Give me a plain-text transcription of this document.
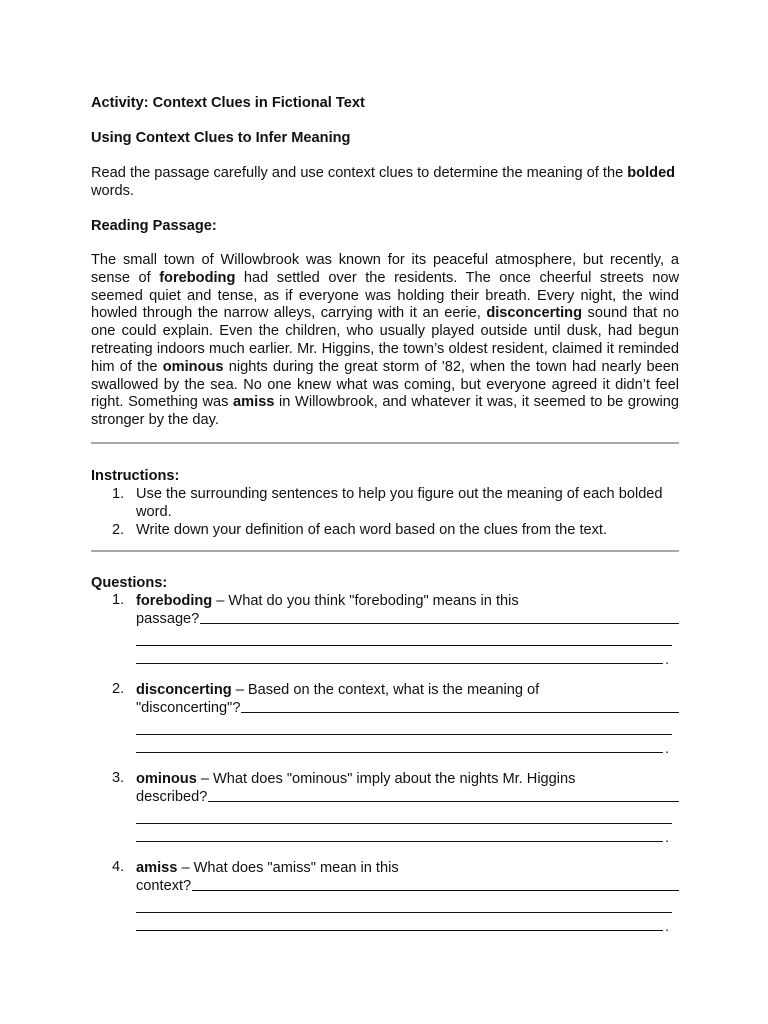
Activity: Context Clues in Fictional Text

Using Context Clues to Infer Meaning

Read the passage carefully and use context clues to determine the meaning of the bolded words.

Reading Passage:

The small town of Willowbrook was known for its peaceful atmosphere, but recently, a sense of foreboding had settled over the residents. The once cheerful streets now seemed quiet and tense, as if everyone was holding their breath. Every night, the wind howled through the narrow alleys, carrying with it an eerie, disconcerting sound that no one could explain. Even the children, who usually played outside until dusk, had begun retreating indoors much earlier. Mr. Higgins, the town’s oldest resident, claimed it reminded him of the ominous nights during the great storm of '82, when the town had nearly been swallowed by the sea. No one knew what was coming, but everyone agreed it didn’t feel right. Something was amiss in Willowbrook, and whatever it was, it seemed to be growing stronger by the day.

Instructions:

1. Use the surrounding sentences to help you figure out the meaning of each bolded word.
2. Write down your definition of each word based on the clues from the text.

Questions:

1. foreboding – What do you think "foreboding" means in this
passage?
.
2. disconcerting – Based on the context, what is the meaning of
"disconcerting"?
.
3. ominous – What does "ominous" imply about the nights Mr. Higgins
described?
.
4. amiss – What does "amiss" mean in this
context?
.
